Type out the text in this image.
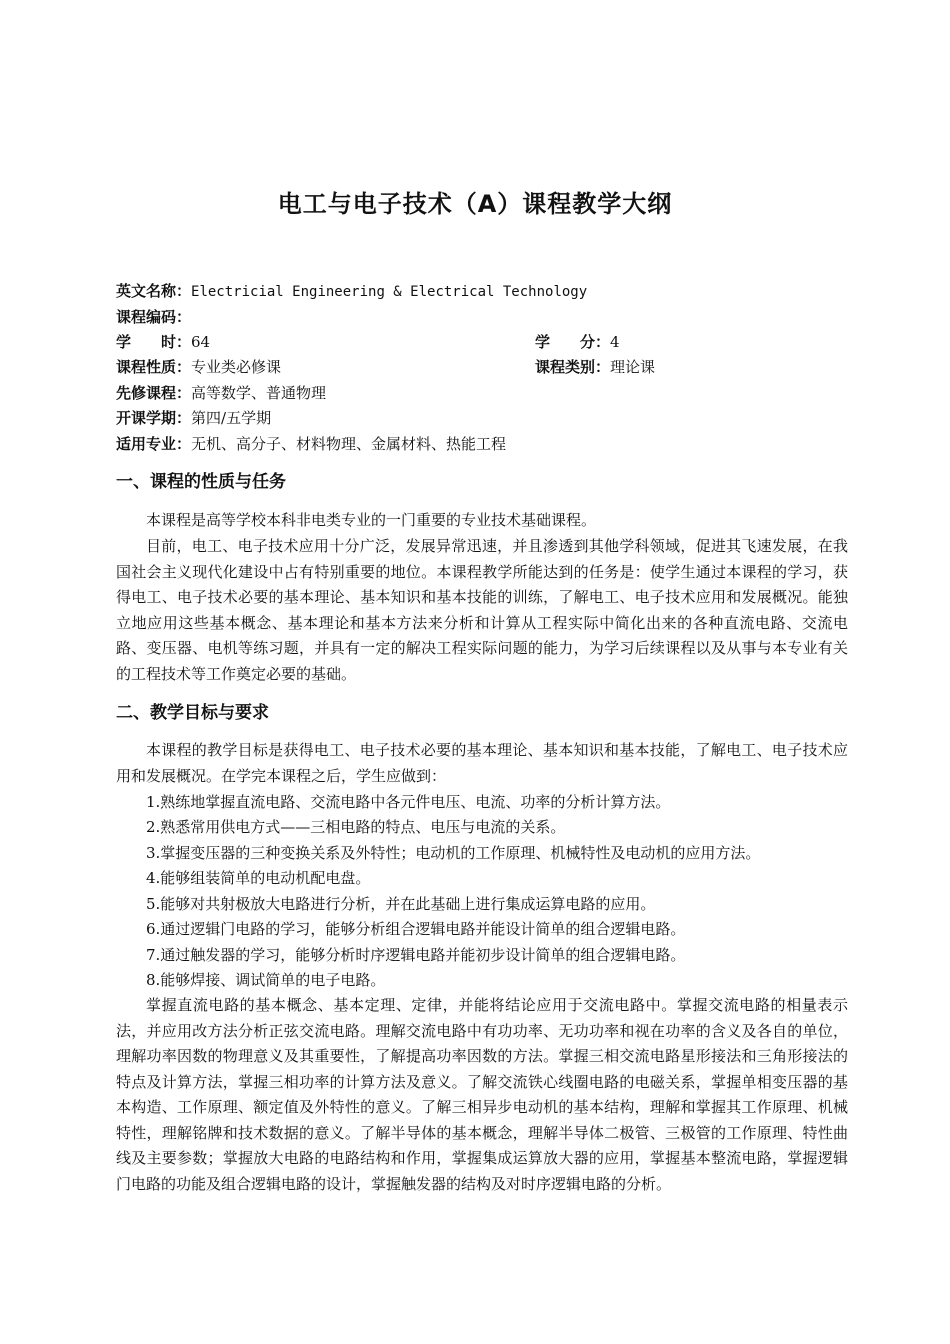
电工与电子技术（A）课程教学大纲
英文名称：Electricial Engineering & Electrical Technology
课程编码：
学　　时：64	学　　分：4
课程性质：专业类必修课	课程类别：理论课
先修课程：高等数学、普通物理
开课学期：第四/五学期
适用专业：无机、高分子、材料物理、金属材料、热能工程
一、课程的性质与任务

本课程是高等学校本科非电类专业的一门重要的专业技术基础课程。

目前，电工、电子技术应用十分广泛，发展异常迅速，并且渗透到其他学科领域，促进其飞速发展，在我国社会主义现代化建设中占有特别重要的地位。本课程教学所能达到的任务是：使学生通过本课程的学习，获得电工、电子技术必要的基本理论、基本知识和基本技能的训练，了解电工、电子技术应用和发展概况。能独立地应用这些基本概念、基本理论和基本方法来分析和计算从工程实际中简化出来的各种直流电路、交流电路、变压器、电机等练习题，并具有一定的解决工程实际问题的能力，为学习后续课程以及从事与本专业有关的工程技术等工作奠定必要的基础。

二、教学目标与要求

本课程的教学目标是获得电工、电子技术必要的基本理论、基本知识和基本技能，了解电工、电子技术应用和发展概况。在学完本课程之后，学生应做到：

1.熟练地掌握直流电路、交流电路中各元件电压、电流、功率的分析计算方法。
2.熟悉常用供电方式——三相电路的特点、电压与电流的关系。
3.掌握变压器的三种变换关系及外特性；电动机的工作原理、机械特性及电动机的应用方法。
4.能够组装简单的电动机配电盘。
5.能够对共射极放大电路进行分析，并在此基础上进行集成运算电路的应用。
6.通过逻辑门电路的学习，能够分析组合逻辑电路并能设计简单的组合逻辑电路。
7.通过触发器的学习，能够分析时序逻辑电路并能初步设计简单的组合逻辑电路。
8.能够焊接、调试简单的电子电路。

掌握直流电路的基本概念、基本定理、定律，并能将结论应用于交流电路中。掌握交流电路的相量表示法，并应用改方法分析正弦交流电路。理解交流电路中有功功率、无功功率和视在功率的含义及各自的单位，理解功率因数的物理意义及其重要性，了解提高功率因数的方法。掌握三相交流电路星形接法和三角形接法的特点及计算方法，掌握三相功率的计算方法及意义。了解交流铁心线圈电路的电磁关系，掌握单相变压器的基本构造、工作原理、额定值及外特性的意义。了解三相异步电动机的基本结构，理解和掌握其工作原理、机械特性，理解铭牌和技术数据的意义。了解半导体的基本概念，理解半导体二极管、三极管的工作原理、特性曲线及主要参数；掌握放大电路的电路结构和作用，掌握集成运算放大器的应用，掌握基本整流电路，掌握逻辑门电路的功能及组合逻辑电路的设计，掌握触发器的结构及对时序逻辑电路的分析。
